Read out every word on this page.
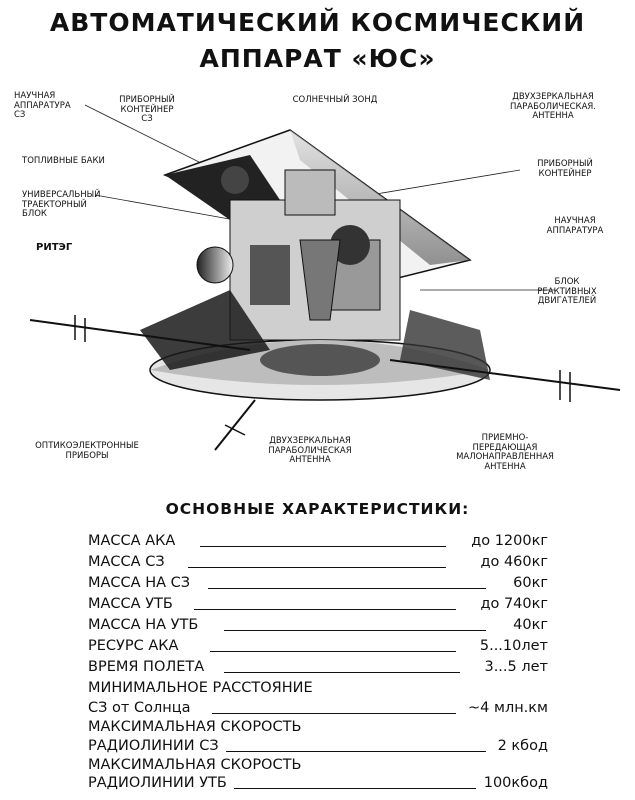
АВТОМАТИЧЕСКИЙ КОСМИЧЕСКИЙ
АППАРАТ «ЮС»
НАУЧНАЯ
АППАРАТУРА
СЗ
ПРИБОРНЫЙ
КОНТЕЙНЕР
СЗ
СОЛНЕЧНЫЙ ЗОНД	ДВУХЗЕРКАЛЬНАЯ
ПАРАБОЛИЧЕСКАЯ.
АНТЕННА
ТОПЛИВНЫЕ БАКИ	ПРИБОРНЫЙ
КОНТЕЙНЕР
УНИВЕРСАЛЬНЫЙ
ТРАЕКТОРНЫЙ
БЛОК
НАУЧНАЯ
АППАРАТУРА
РИТЭГ
БЛОК
РЕАКТИВНЫХ
ДВИГАТЕЛЕЙ
ОПТИКОЭЛЕКТРОННЫЕ
ПРИБОРЫ
ДВУХЗЕРКАЛЬНАЯ
ПАРАБОЛИЧЕСКАЯ
АНТЕННА
ПРИЕМНО-
ПЕРЕДАЮЩАЯ
МАЛОНАПРАВЛЕННАЯ
АНТЕННА
ОСНОВНЫЕ ХАРАКТЕРИСТИКИ:
МАССА АКА	до 1200кг
МАССА СЗ	до 460кг
МАССА НА СЗ	60кг
МАССА УТБ	до 740кг
МАССА НА УТБ	40кг
РЕСУРС АКА	5...10лет
ВРЕМЯ ПОЛЕТА	3...5 лет
МИНИМАЛЬНОЕ РАССТОЯНИЕ
СЗ от Солнца	~4 млн.км
МАКСИМАЛЬНАЯ СКОРОСТЬ
РАДИОЛИНИИ СЗ	2 кбод
МАКСИМАЛЬНАЯ СКОРОСТЬ
РАДИОЛИНИИ УТБ	100кбод
